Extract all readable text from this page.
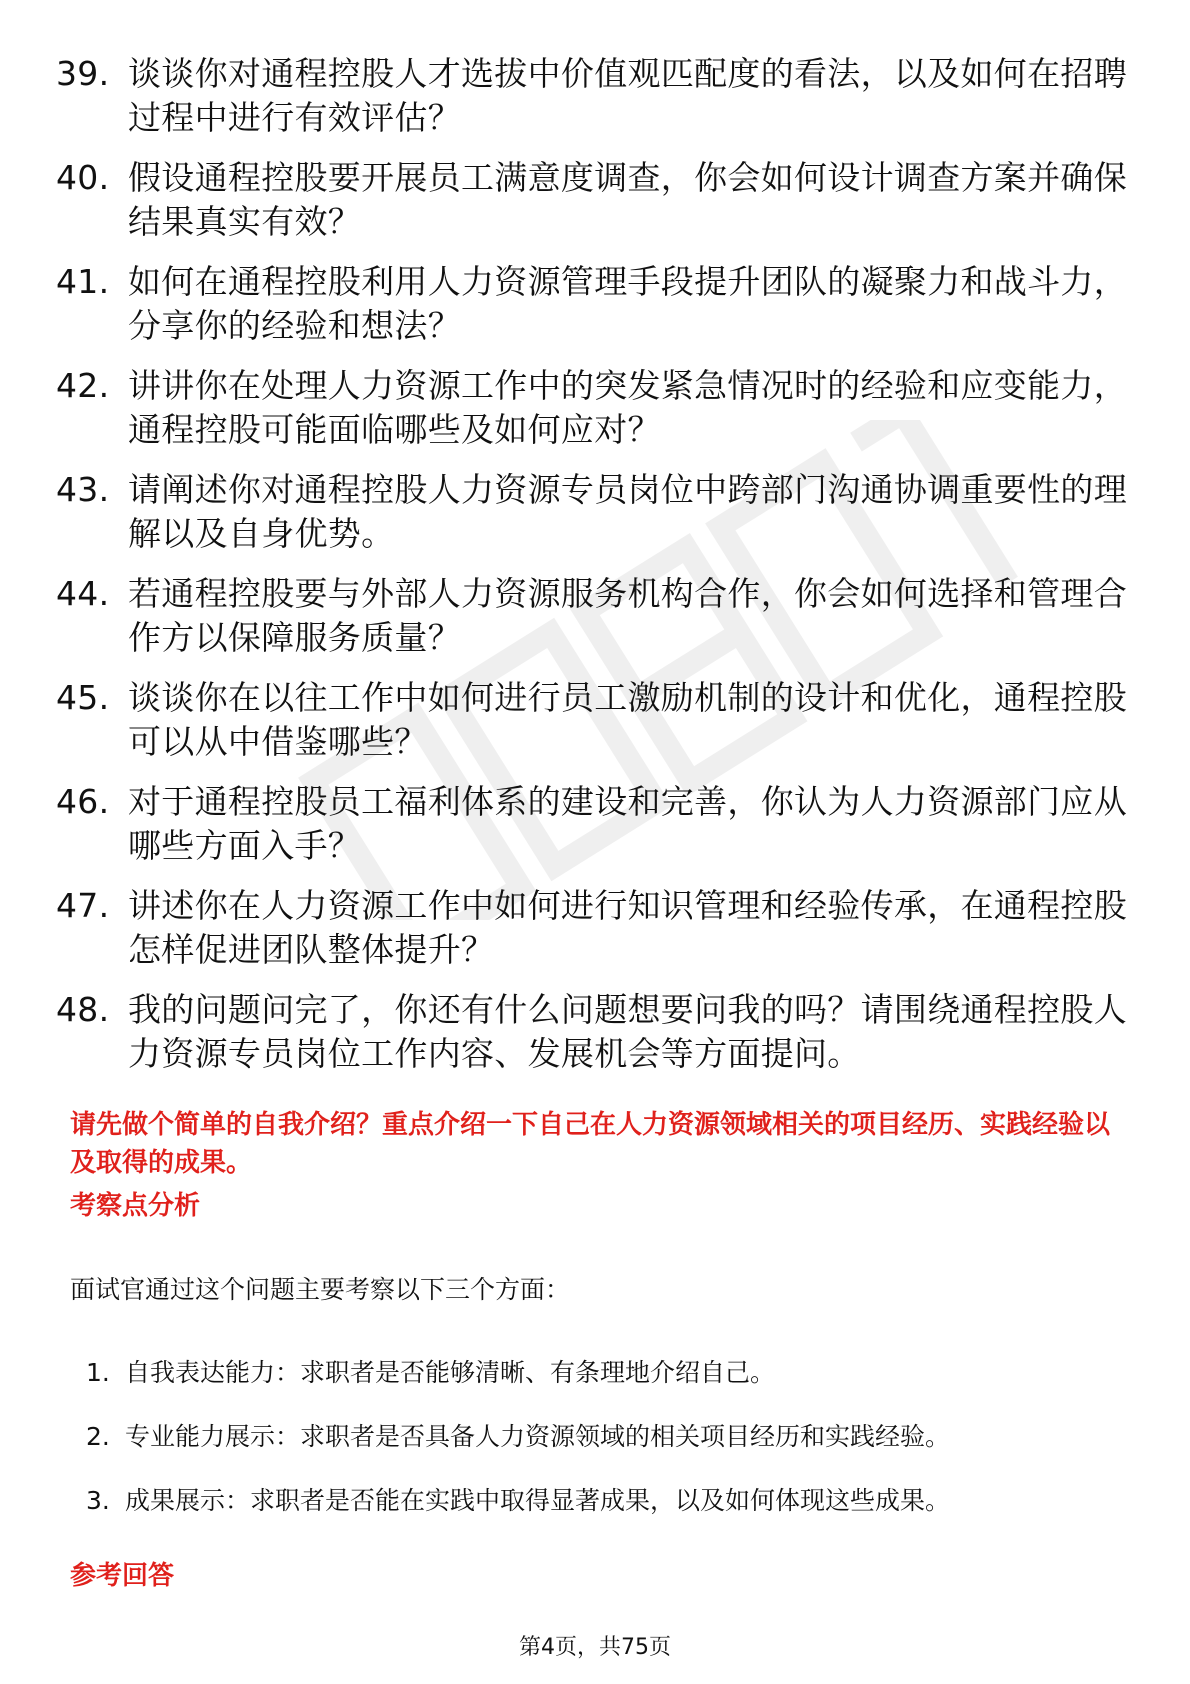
39. 谈谈你对通程控股人才选拔中价值观匹配度的看法，以及如何在招聘过程中进行有效评估？
40. 假设通程控股要开展员工满意度调查，你会如何设计调查方案并确保结果真实有效？
41. 如何在通程控股利用人力资源管理手段提升团队的凝聚力和战斗力，分享你的经验和想法？
42. 讲讲你在处理人力资源工作中的突发紧急情况时的经验和应变能力，通程控股可能面临哪些及如何应对？
43. 请阐述你对通程控股人力资源专员岗位中跨部门沟通协调重要性的理解以及自身优势。
44. 若通程控股要与外部人力资源服务机构合作，你会如何选择和管理合作方以保障服务质量？
45. 谈谈你在以往工作中如何进行员工激励机制的设计和优化，通程控股可以从中借鉴哪些？
46. 对于通程控股员工福利体系的建设和完善，你认为人力资源部门应从哪些方面入手？
47. 讲述你在人力资源工作中如何进行知识管理和经验传承，在通程控股怎样促进团队整体提升？
48. 我的问题问完了，你还有什么问题想要问我的吗？请围绕通程控股人力资源专员岗位工作内容、发展机会等方面提问。

请先做个简单的自我介绍？重点介绍一下自己在人力资源领域相关的项目经历、实践经验以及取得的成果。

考察点分析

面试官通过这个问题主要考察以下三个方面：

1. 自我表达能力：求职者是否能够清晰、有条理地介绍自己。
2. 专业能力展示：求职者是否具备人力资源领域的相关项目经历和实践经验。
3. 成果展示：求职者是否能在实践中取得显著成果，以及如何体现这些成果。
参考回答
第4页，共75页
